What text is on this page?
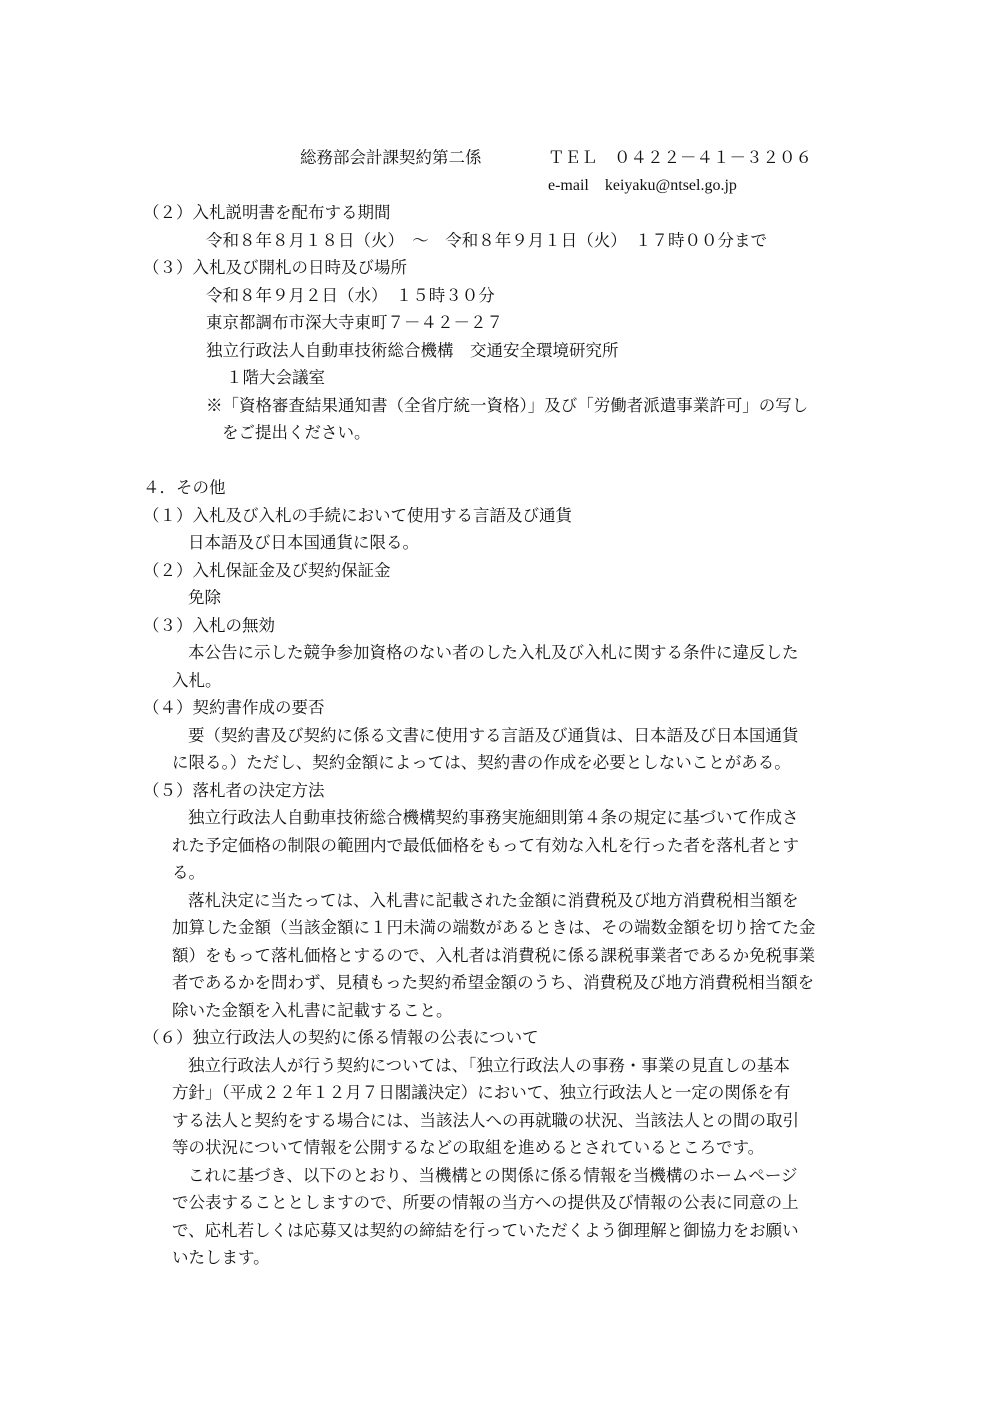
総務部会計課契約第二係	ＴＥＬ　０４２２－４１－３２０６
e-mail　keiyaku@ntsel.go.jp
（２）入札説明書を配布する期間
令和８年８月１８日（火）　～　令和８年９月１日（火）　１７時００分まで
（３）入札及び開札の日時及び場所
令和８年９月２日（水）　１５時３０分
東京都調布市深大寺東町７－４２－２７
独立行政法人自動車技術総合機構　交通安全環境研究所
１階大会議室
※「資格審査結果通知書（全省庁統一資格）」及び「労働者派遣事業許可」の写し
をご提出ください。
４．その他
（１）入札及び入札の手続において使用する言語及び通貨
日本語及び日本国通貨に限る。
（２）入札保証金及び契約保証金
免除
（３）入札の無効
本公告に示した競争参加資格のない者のした入札及び入札に関する条件に違反した
入札。
（４）契約書作成の要否
要（契約書及び契約に係る文書に使用する言語及び通貨は、日本語及び日本国通貨
に限る。）ただし、契約金額によっては、契約書の作成を必要としないことがある。
（５）落札者の決定方法
独立行政法人自動車技術総合機構契約事務実施細則第４条の規定に基づいて作成さ
れた予定価格の制限の範囲内で最低価格をもって有効な入札を行った者を落札者とす
る。
落札決定に当たっては、入札書に記載された金額に消費税及び地方消費税相当額を
加算した金額（当該金額に１円未満の端数があるときは、その端数金額を切り捨てた金
額）をもって落札価格とするので、入札者は消費税に係る課税事業者であるか免税事業
者であるかを問わず、見積もった契約希望金額のうち、消費税及び地方消費税相当額を
除いた金額を入札書に記載すること。
（６）独立行政法人の契約に係る情報の公表について
独立行政法人が行う契約については、「独立行政法人の事務・事業の見直しの基本
方針」（平成２２年１２月７日閣議決定）において、独立行政法人と一定の関係を有
する法人と契約をする場合には、当該法人への再就職の状況、当該法人との間の取引
等の状況について情報を公開するなどの取組を進めるとされているところです。
これに基づき、以下のとおり、当機構との関係に係る情報を当機構のホームページ
で公表することとしますので、所要の情報の当方への提供及び情報の公表に同意の上
で、応札若しくは応募又は契約の締結を行っていただくよう御理解と御協力をお願い
いたします。
